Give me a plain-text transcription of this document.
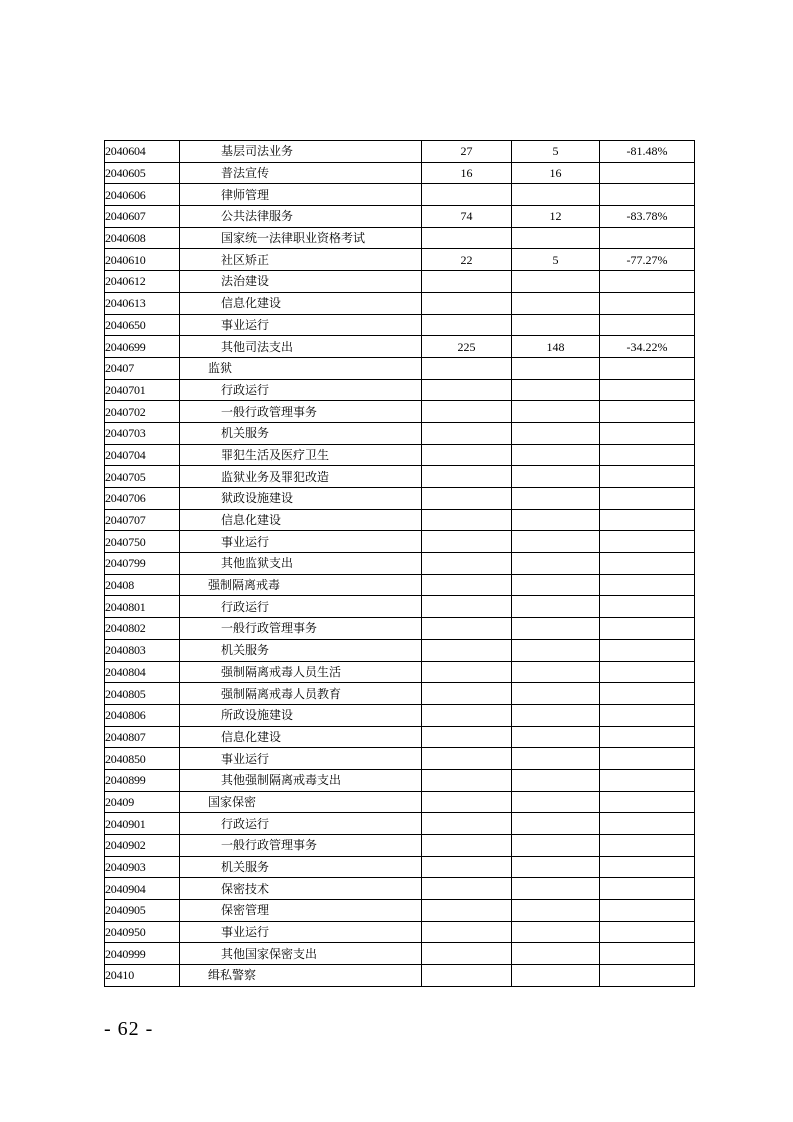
2040604	基层司法业务	27	5	-81.48%
2040605	普法宣传	16	16	
2040606	律师管理			
2040607	公共法律服务	74	12	-83.78%
2040608	国家统一法律职业资格考试			
2040610	社区矫正	22	5	-77.27%
2040612	法治建设			
2040613	信息化建设			
2040650	事业运行			
2040699	其他司法支出	225	148	-34.22%
20407	监狱			
2040701	行政运行			
2040702	一般行政管理事务			
2040703	机关服务			
2040704	罪犯生活及医疗卫生			
2040705	监狱业务及罪犯改造			
2040706	狱政设施建设			
2040707	信息化建设			
2040750	事业运行			
2040799	其他监狱支出			
20408	强制隔离戒毒			
2040801	行政运行			
2040802	一般行政管理事务			
2040803	机关服务			
2040804	强制隔离戒毒人员生活			
2040805	强制隔离戒毒人员教育			
2040806	所政设施建设			
2040807	信息化建设			
2040850	事业运行			
2040899	其他强制隔离戒毒支出			
20409	国家保密			
2040901	行政运行			
2040902	一般行政管理事务			
2040903	机关服务			
2040904	保密技术			
2040905	保密管理			
2040950	事业运行			
2040999	其他国家保密支出			
20410	缉私警察			
- 62 -
